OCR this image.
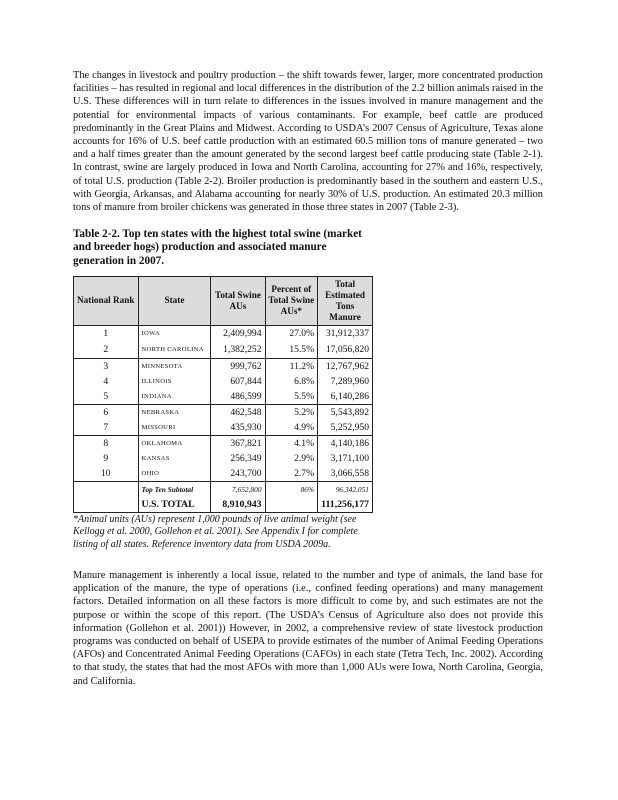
The changes in livestock and poultry production – the shift towards fewer, larger, more concentrated production facilities – has resulted in regional and local differences in the distribution of the 2.2 billion animals raised in the U.S. These differences will in turn relate to differences in the issues involved in manure management and the potential for environmental impacts of various contaminants. For example, beef cattle are produced predominantly in the Great Plains and Midwest. According to USDA’s 2007 Census of Agriculture, Texas alone accounts for 16% of U.S. beef cattle production with an estimated 60.5 million tons of manure generated – two and a half times greater than the amount generated by the second largest beef cattle producing state (Table 2-1). In contrast, swine are largely produced in Iowa and North Carolina, accounting for 27% and 16%, respectively, of total U.S. production (Table 2-2). Broiler production is predominantly based in the southern and eastern U.S., with Georgia, Arkansas, and Alabama accounting for nearly 30% of U.S. production. An estimated 20.3 million tons of manure from broiler chickens was generated in those three states in 2007 (Table 2-3).

Table 2-2. Top ten states with the highest total swine (market and breeder hogs) production and associated manure generation in 2007.
National Rank	State	Total Swine AUs	Percent of Total Swine AUs*	Total Estimated Tons Manure
1	IOWA	2,409,994	27.0%	31,912,337
2	NORTH CAROLINA	1,382,252	15.5%	17,056,820
3	MINNESOTA	999,762	11.2%	12,767,962
4	ILLINOIS	607,844	6.8%	7,289,960
5	INDIANA	486,599	5.5%	6,140,286
6	NEBRASKA	462,548	5.2%	5,543,892
7	MISSOURI	435,930	4.9%	5,252,950
8	OKLAHOMA	367,821	4.1%	4,140,186
9	KANSAS	256,349	2.9%	3,171,100
10	OHIO	243,700	2.7%	3,066,558
	Top Ten Subtotal	7,652,800	86%	96,342,051
	U.S. TOTAL	8,910,943		111,256,177
*Animal units (AUs) represent 1,000 pounds of live animal weight (see Kellogg et al. 2000, Gollehon et al. 2001). See Appendix I for complete listing of all states. Reference inventory data from USDA 2009a.

Manure management is inherently a local issue, related to the number and type of animals, the land base for application of the manure, the type of operations (i.e., confined feeding operations) and many management factors. Detailed information on all these factors is more difficult to come by, and such estimates are not the purpose or within the scope of this report. (The USDA’s Census of Agriculture also does not provide this information (Gollehon et al. 2001)) However, in 2002, a comprehensive review of state livestock production programs was conducted on behalf of USEPA to provide estimates of the number of Animal Feeding Operations (AFOs) and Concentrated Animal Feeding Operations (CAFOs) in each state (Tetra Tech, Inc. 2002). According to that study, the states that had the most AFOs with more than 1,000 AUs were Iowa, North Carolina, Georgia, and California.
